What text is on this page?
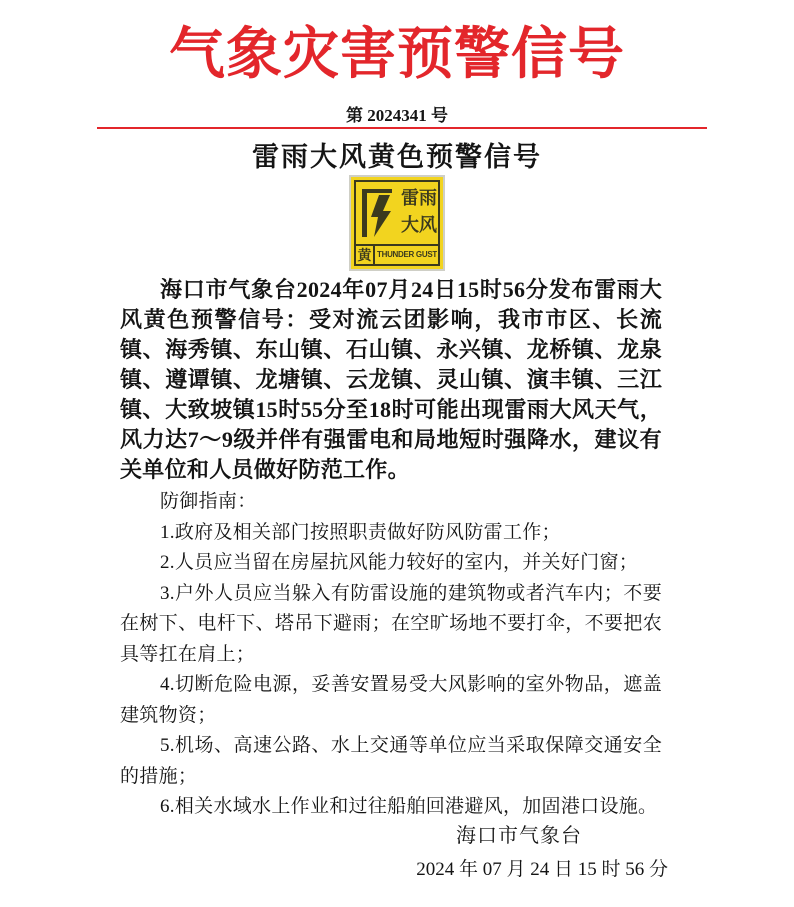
气象灾害预警信号
第 2024341 号
雷雨大风黄色预警信号
雷雨
大风
黄 THUNDER GUST

海口市气象台2024年07月24日15时56分发布雷雨大风黄色预警信号：受对流云团影响，我市市区、长流镇、海秀镇、东山镇、石山镇、永兴镇、龙桥镇、龙泉镇、遵谭镇、龙塘镇、云龙镇、灵山镇、演丰镇、三江镇、大致坡镇15时55分至18时可能出现雷雨大风天气，风力达7～9级并伴有强雷电和局地短时强降水，建议有关单位和人员做好防范工作。

防御指南：

1.政府及相关部门按照职责做好防风防雷工作；

2.人员应当留在房屋抗风能力较好的室内，并关好门窗；

3.户外人员应当躲入有防雷设施的建筑物或者汽车内；不要在树下、电杆下、塔吊下避雨；在空旷场地不要打伞，不要把农具等扛在肩上；

4.切断危险电源，妥善安置易受大风影响的室外物品，遮盖建筑物资；

5.机场、高速公路、水上交通等单位应当采取保障交通安全的措施；

6.相关水域水上作业和过往船舶回港避风，加固港口设施。

海口市气象台
2024 年 07 月 24 日 15 时 56 分
